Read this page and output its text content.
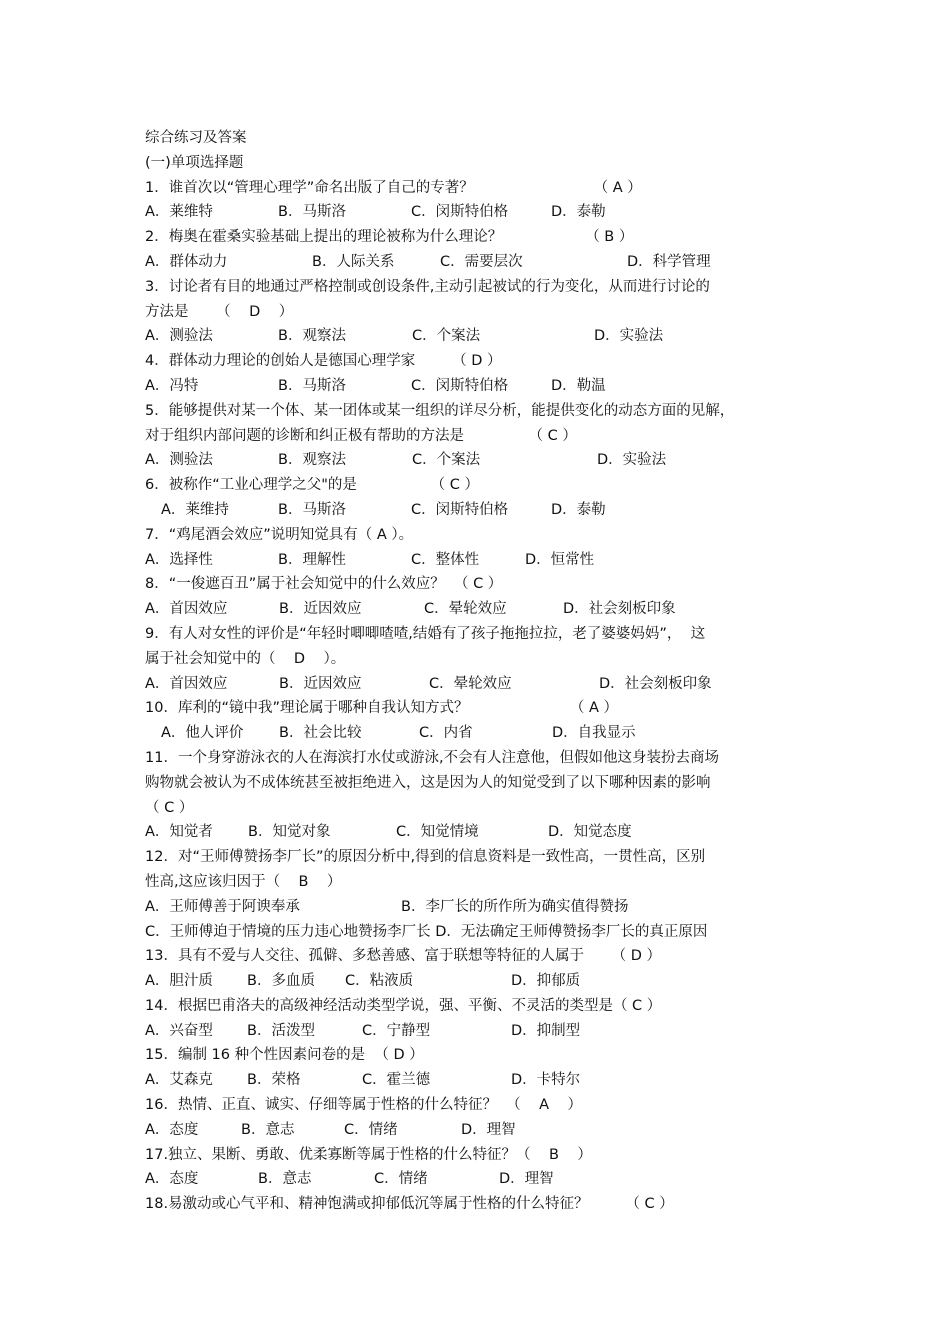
综合练习及答案
(一)单项选择题
1．谁首次以“管理心理学”命名出版了自己的专著？                          （ A ）
A．莱维特	B．马斯洛	C．闵斯特伯格	D．泰勒
2．梅奥在霍桑实验基础上提出的理论被称为什么理论？                  （ B ）
A．群体动力	B．人际关系	C．需要层次	D．科学管理
3．讨论者有目的地通过严格控制或创设条件,主动引起被试的行为变化，从而进行讨论的
方法是      （    D    ）
A．测验法	B．观察法	C．个案法	D．实验法
4．群体动力理论的创始人是德国心理学家        （ D ）
A．冯特	B．马斯洛	C．闵斯特伯格	D．勒温
5．能够提供对某一个体、某一团体或某一组织的详尽分析，能提供变化的动态方面的见解，
对于组织内部问题的诊断和纠正极有帮助的方法是              （ C ）
A．测验法	B．观察法	C．个案法	D．实验法
6．被称作“工业心理学之父"的是                （ C ）
A．莱维持	B．马斯洛	C．闵斯特伯格	D．泰勒
7．“鸡尾酒会效应”说明知觉具有（ A ）。
A．选择性	B．理解性	C．整体性	D．恒常性
8．“一俊遮百丑”属于社会知觉中的什么效应？  （ C ）
A．首因效应	B．近因效应	C．晕轮效应	D．社会刻板印象
9．有人对女性的评价是“年轻时唧唧喳喳,结婚有了孩子拖拖拉拉，老了婆婆妈妈”，  这
属于社会知觉中的（    D    ）。
A．首因效应	B．近因效应	C．晕轮效应	D．社会刻板印象
10．库利的“镜中我”理论属于哪种自我认知方式？                      （ A ）
A．他人评价	B．社会比较	C．内省	D．自我显示
11．一个身穿游泳衣的人在海滨打水仗或游泳,不会有人注意他，但假如他这身装扮去商场
购物就会被认为不成体统甚至被拒绝进入，这是因为人的知觉受到了以下哪种因素的影响
（ C ）
A．知觉者	B．知觉对象	C．知觉情境	D．知觉态度
12．对“王师傅赞扬李厂长”的原因分析中,得到的信息资料是一致性高，一贯性高，区别
性高,这应该归因于（    B    ）
A．王师傅善于阿谀奉承	B．李厂长的所作所为确实值得赞扬
C．王师傅迫于情境的压力违心地赞扬李厂长 D．无法确定王师傅赞扬李厂长的真正原因
13．具有不爱与人交往、孤僻、多愁善感、富于联想等特征的人属于      （ D ）
A．胆汁质	B．多血质	C．粘液质	D．抑郁质
14．根据巴甫洛夫的高级神经活动类型学说，强、平衡、不灵活的类型是（ C ）
A．兴奋型	B．活泼型	C．宁静型	D．抑制型
15．编制 16 种个性因素问卷的是  （ D ）
A．艾森克	B．荣格	C．霍兰德	D．卡特尔
16．热情、正直、诚实、仔细等属于性格的什么特征？  （    A    ）
A．态度	B．意志	C．情绪	D．理智
17.独立、果断、勇敢、优柔寡断等属于性格的什么特征？（    B    ）
A．态度	B．意志	C．情绪	D．理智
18.易激动或心气平和、精神饱满或抑郁低沉等属于性格的什么特征？        （ C ）
